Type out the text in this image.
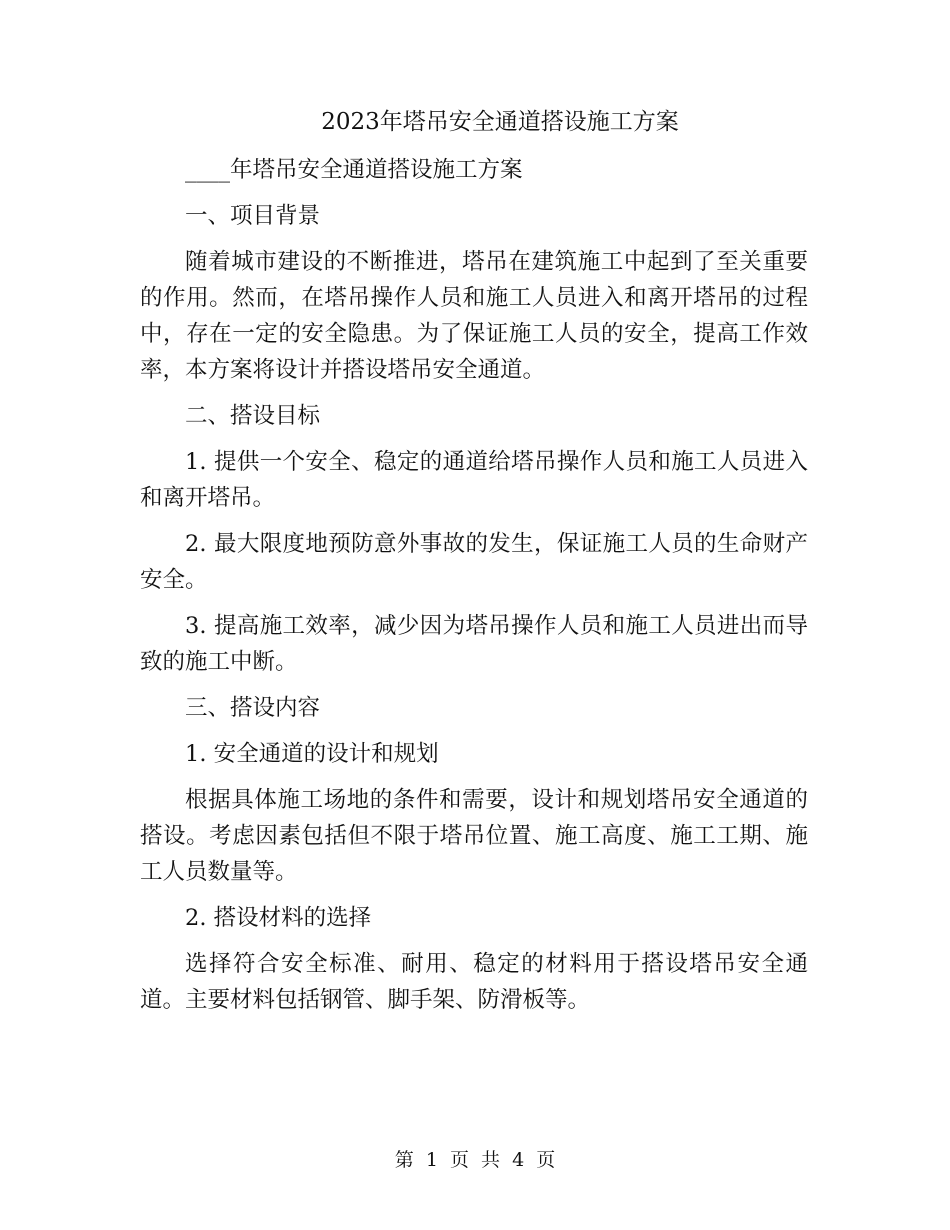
2023年塔吊安全通道搭设施工方案

____年塔吊安全通道搭设施工方案

一、项目背景

随着城市建设的不断推进，塔吊在建筑施工中起到了至关重要的作用。然而，在塔吊操作人员和施工人员进入和离开塔吊的过程中，存在一定的安全隐患。为了保证施工人员的安全，提高工作效率，本方案将设计并搭设塔吊安全通道。

二、搭设目标

1. 提供一个安全、稳定的通道给塔吊操作人员和施工人员进入和离开塔吊。

2. 最大限度地预防意外事故的发生，保证施工人员的生命财产安全。

3. 提高施工效率，减少因为塔吊操作人员和施工人员进出而导致的施工中断。

三、搭设内容

1. 安全通道的设计和规划

根据具体施工场地的条件和需要，设计和规划塔吊安全通道的搭设。考虑因素包括但不限于塔吊位置、施工高度、施工工期、施工人员数量等。

2. 搭设材料的选择

选择符合安全标准、耐用、稳定的材料用于搭设塔吊安全通道。主要材料包括钢管、脚手架、防滑板等。

第 1 页 共 4 页
